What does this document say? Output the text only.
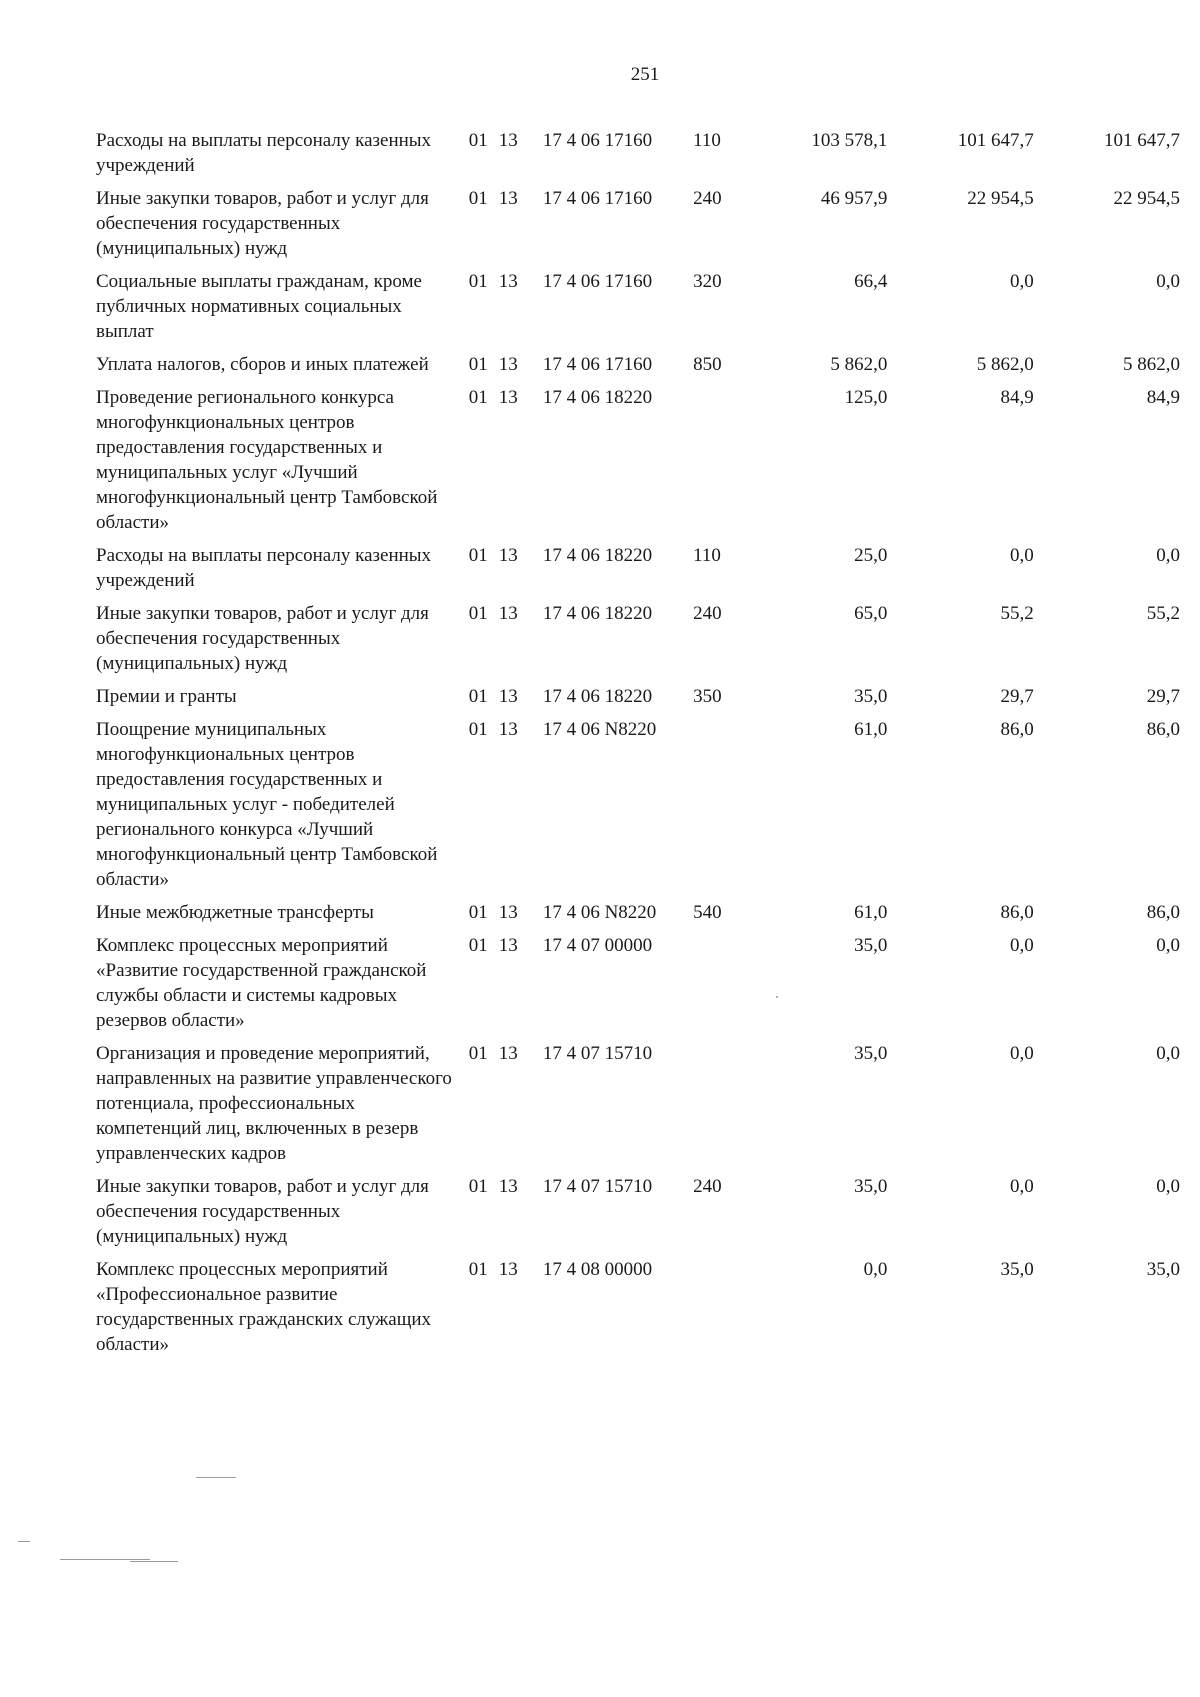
251
Расходы на выплаты персоналу казенных учреждений	01	13	17 4 06 17160	110	103 578,1	101 647,7	101 647,7
Иные закупки товаров, работ и услуг для обеспечения государственных (муниципальных) нужд	01	13	17 4 06 17160	240	46 957,9	22 954,5	22 954,5
Социальные выплаты гражданам, кроме публичных нормативных социальных выплат	01	13	17 4 06 17160	320	66,4	0,0	0,0
Уплата налогов, сборов и иных платежей	01	13	17 4 06 17160	850	5 862,0	5 862,0	5 862,0
Проведение регионального конкурса многофункциональных центров предоставления государственных и муниципальных услуг «Лучший многофункциональный центр Тамбовской области»	01	13	17 4 06 18220		125,0	84,9	84,9
Расходы на выплаты персоналу казенных учреждений	01	13	17 4 06 18220	110	25,0	0,0	0,0
Иные закупки товаров, работ и услуг для обеспечения государственных (муниципальных) нужд	01	13	17 4 06 18220	240	65,0	55,2	55,2
Премии и гранты	01	13	17 4 06 18220	350	35,0	29,7	29,7
Поощрение муниципальных многофункциональных центров предоставления государственных и муниципальных услуг - победителей регионального конкурса «Лучший многофункциональный центр Тамбовской области»	01	13	17 4 06 N8220		61,0	86,0	86,0
Иные межбюджетные трансферты	01	13	17 4 06 N8220	540	61,0	86,0	86,0
Комплекс процессных мероприятий «Развитие государственной гражданской службы области и системы кадровых резервов области»	01	13	17 4 07 00000		35,0	0,0	0,0
Организация и проведение мероприятий, направленных на развитие управленческого потенциала, профессиональных компетенций лиц, включенных в резерв управленческих кадров	01	13	17 4 07 15710		35,0	0,0	0,0
Иные закупки товаров, работ и услуг для обеспечения государственных (муниципальных) нужд	01	13	17 4 07 15710	240	35,0	0,0	0,0
Комплекс процессных мероприятий «Профессиональное развитие государственных гражданских служащих области»	01	13	17 4 08 00000		0,0	35,0	35,0
